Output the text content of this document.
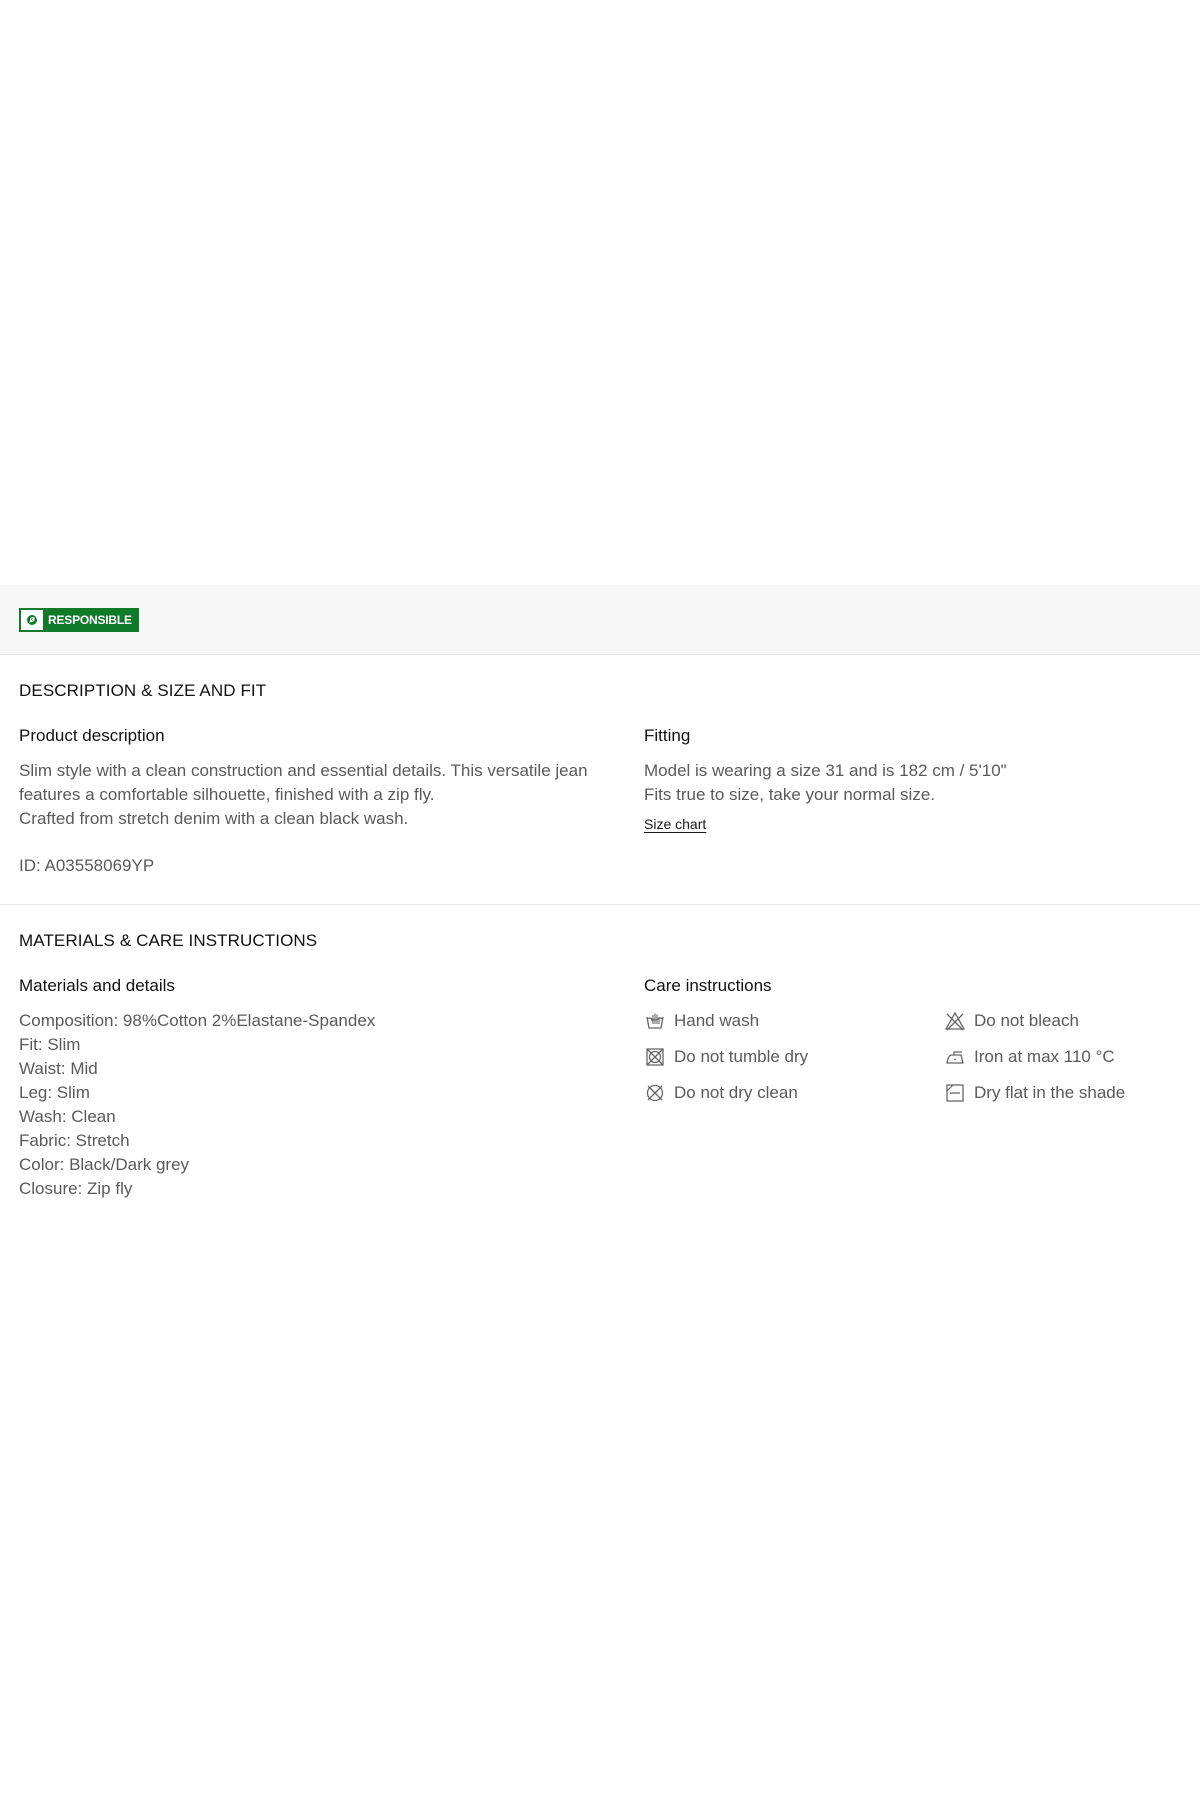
RESPONSIBLE
DESCRIPTION & SIZE AND FIT
Product description
Slim style with a clean construction and essential details. This versatile jean
features a comfortable silhouette, finished with a zip fly.
Crafted from stretch denim with a clean black wash.
ID: A03558069YP
Fitting
Model is wearing a size 31 and is 182 cm / 5'10"
Fits true to size, take your normal size.
Size chart
MATERIALS & CARE INSTRUCTIONS
Materials and details
Composition: 98%Cotton 2%Elastane-Spandex
Fit: Slim
Waist: Mid
Leg: Slim
Wash: Clean
Fabric: Stretch
Color: Black/Dark grey
Closure: Zip fly
Care instructions
Hand wash	Do not bleach
Do not tumble dry	Iron at max 110 °C
Do not dry clean	Dry flat in the shade
